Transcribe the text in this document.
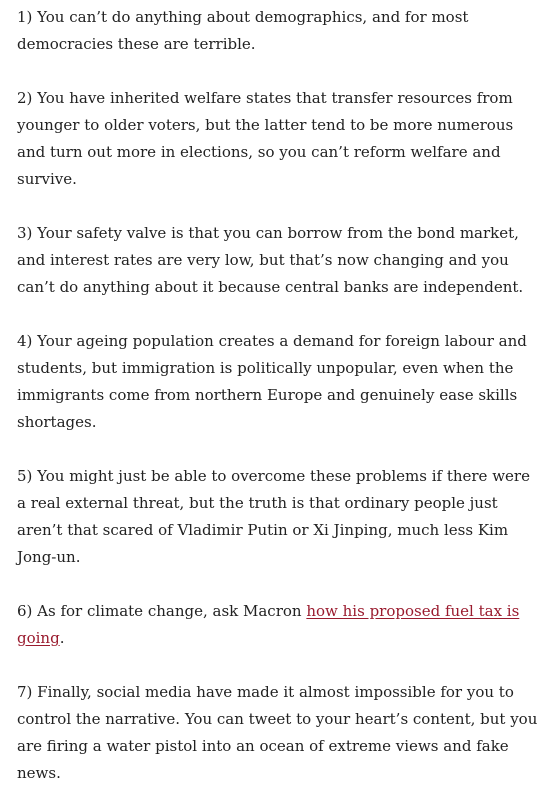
1) You can’t do anything about demographics, and for most democracies these are terrible.

2) You have inherited welfare states that transfer resources from younger to older voters, but the latter tend to be more numerous and turn out more in elections, so you can’t reform welfare and survive.

3) Your safety valve is that you can borrow from the bond market, and interest rates are very low, but that’s now changing and you can’t do anything about it because central banks are independent.

4) Your ageing population creates a demand for foreign labour and students, but immigration is politically unpopular, even when the immigrants come from northern Europe and genuinely ease skills shortages.

5) You might just be able to overcome these problems if there were a real external threat, but the truth is that ordinary people just aren’t that scared of Vladimir Putin or Xi Jinping, much less Kim Jong-un.

6) As for climate change, ask Macron how his proposed fuel tax is going.

7) Finally, social media have made it almost impossible for you to control the narrative. You can tweet to your heart’s content, but you are firing a water pistol into an ocean of extreme views and fake news.
